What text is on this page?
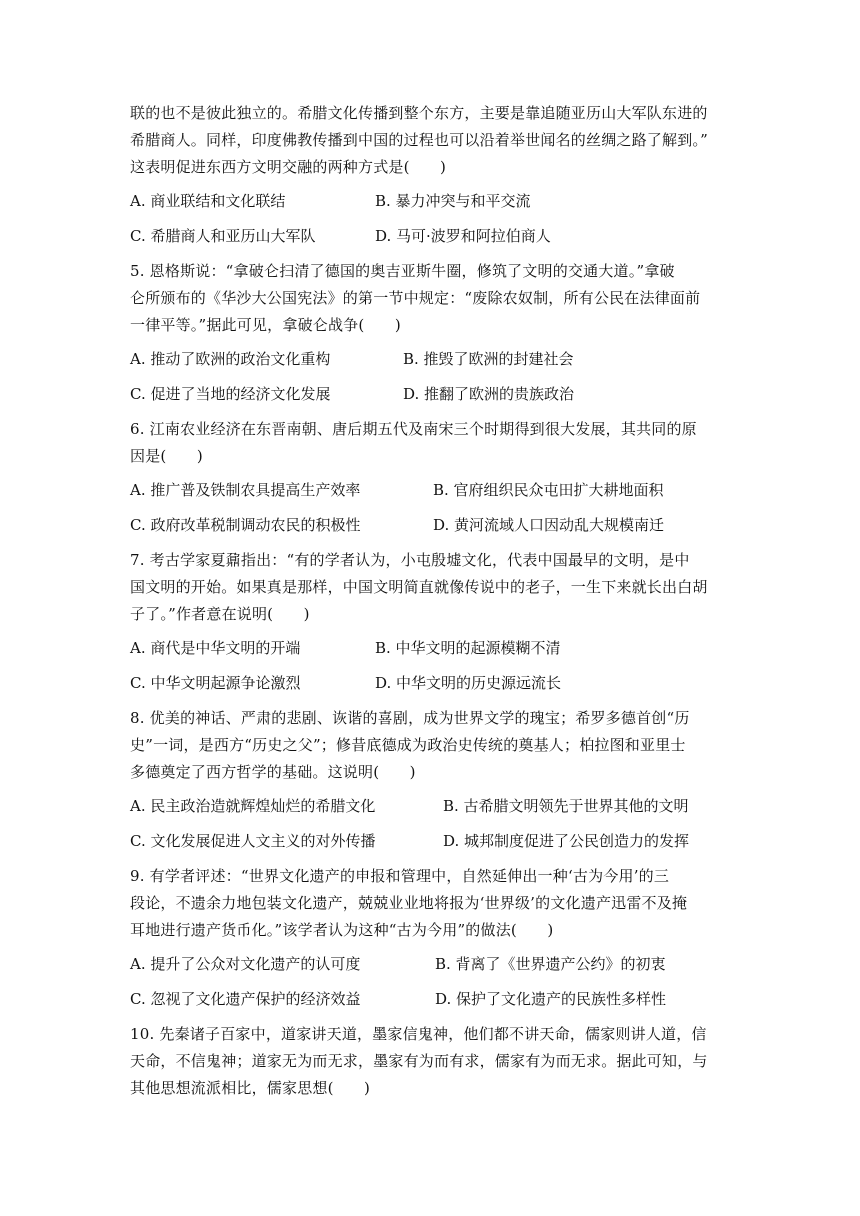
联的也不是彼此独立的。希腊文化传播到整个东方，主要是靠追随亚历山大军队东进的

希腊商人。同样，印度佛教传播到中国的过程也可以沿着举世闻名的丝绸之路了解到。”

这表明促进东西方文明交融的两种方式是(　　)

A. 商业联结和文化联结	B. 暴力冲突与和平交流
C. 希腊商人和亚历山大军队	D. 马可·波罗和阿拉伯商人

5. 恩格斯说：“拿破仑扫清了德国的奥吉亚斯牛圈，修筑了文明的交通大道。”拿破

仑所颁布的《华沙大公国宪法》的第一节中规定：“废除农奴制，所有公民在法律面前

一律平等。”据此可见，拿破仑战争(　　)

A. 推动了欧洲的政治文化重构	B. 推毁了欧洲的封建社会
C. 促进了当地的经济文化发展	D. 推翻了欧洲的贵族政治

6. 江南农业经济在东晋南朝、唐后期五代及南宋三个时期得到很大发展，其共同的原

因是(　　)

A. 推广普及铁制农具提高生产效率	B. 官府组织民众屯田扩大耕地面积
C. 政府改革税制调动农民的积极性	D. 黄河流域人口因动乱大规模南迁

7. 考古学家夏鼐指出：“有的学者认为，小屯殷墟文化，代表中国最早的文明，是中

国文明的开始。如果真是那样，中国文明简直就像传说中的老子，一生下来就长出白胡

子了。”作者意在说明(　　)

A. 商代是中华文明的开端	B. 中华文明的起源模糊不清
C. 中华文明起源争论激烈	D. 中华文明的历史源远流长

8. 优美的神话、严肃的悲剧、诙谐的喜剧，成为世界文学的瑰宝；希罗多德首创“历

史”一词，是西方“历史之父”；修昔底德成为政治史传统的奠基人；柏拉图和亚里士

多德奠定了西方哲学的基础。这说明(　　)

A. 民主政治造就辉煌灿烂的希腊文化	B. 古希腊文明领先于世界其他的文明
C. 文化发展促进人文主义的对外传播	D. 城邦制度促进了公民创造力的发挥

9. 有学者评述：“世界文化遗产的申报和管理中，自然延伸出一种‘古为今用’的三

段论，不遗余力地包装文化遗产，兢兢业业地将报为‘世界级’的文化遗产迅雷不及掩

耳地进行遗产货币化。”该学者认为这种“古为今用”的做法(　　)

A. 提升了公众对文化遗产的认可度	B. 背离了《世界遗产公约》的初衷
C. 忽视了文化遗产保护的经济效益	D. 保护了文化遗产的民族性多样性

10. 先秦诸子百家中，道家讲天道，墨家信鬼神，他们都不讲天命，儒家则讲人道，信

天命，不信鬼神；道家无为而无求，墨家有为而有求，儒家有为而无求。据此可知，与

其他思想流派相比，儒家思想(　　)
